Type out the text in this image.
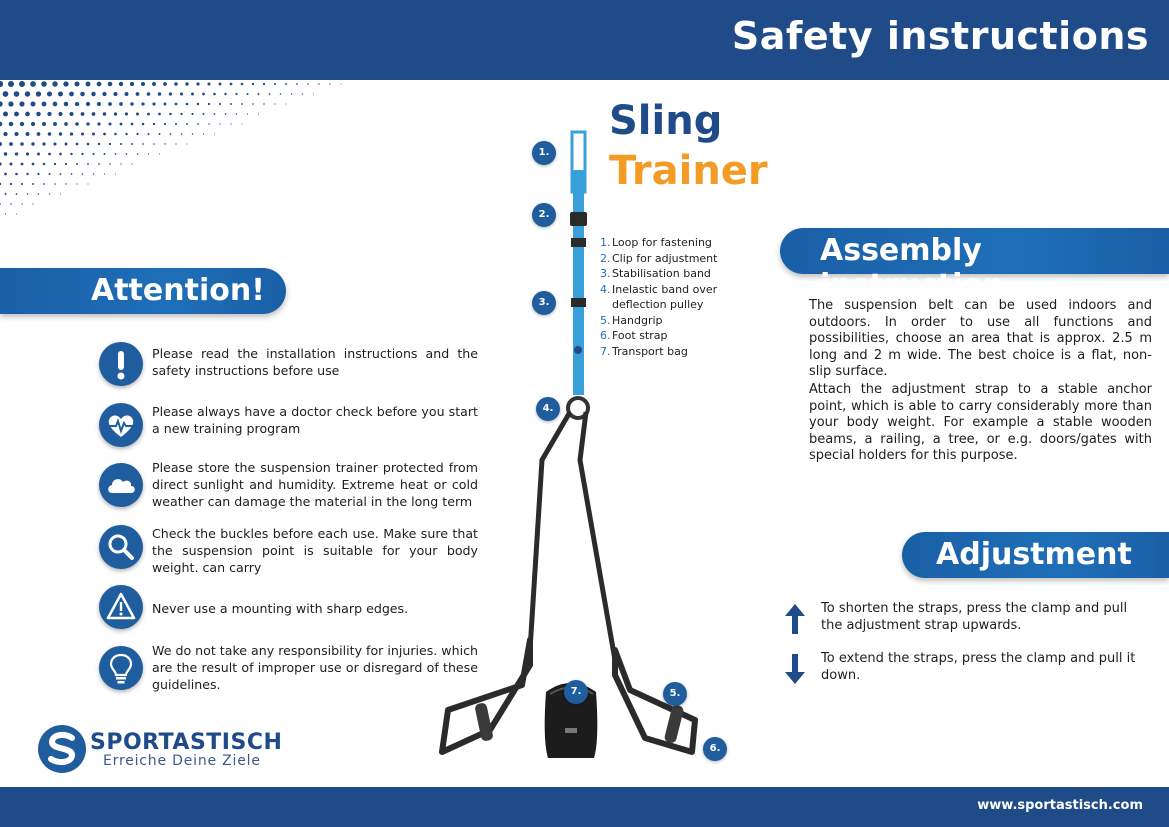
Safety instructions
Attention!
Please read the installation instructions and the safety instructions before use
Please always have a doctor check before you start a new training program
Please store the suspension trainer protected from direct sunlight and humidity. Extreme heat or cold weather can damage the material in the long term
Check the buckles before each use. Make sure that the suspension point is suitable for your body weight. can carry
Never use a mounting with sharp edges.
We do not take any responsibility for injuries. which are the result of improper use or disregard of these guidelines.
1.
2.
3.
4.
5.
6.
7.
Sling
Trainer
1. Loop for fastening
2. Clip for adjustment
3. Stabilisation band
4. Inelastic band over
deflection pulley
5. Handgrip
6. Foot strap
7. Transport bag
Assembly instruction
The suspension belt can be used indoors and outdoors. In order to use all functions and possibilities, choose an area that is approx. 2.5 m long and 2 m wide. The best choice is a flat, non-slip surface.
Attach the adjustment strap to a stable anchor point, which is able to carry considerably more than your body weight. For example a stable wooden beams, a railing, a tree, or e.g. doors/gates with special holders for this purpose.
Adjustment
To shorten the straps, press the clamp and pull the adjustment strap upwards.
To extend the straps, press the clamp and pull it down.
SPORTASTISCH
Erreiche Deine Ziele
www.sportastisch.com
